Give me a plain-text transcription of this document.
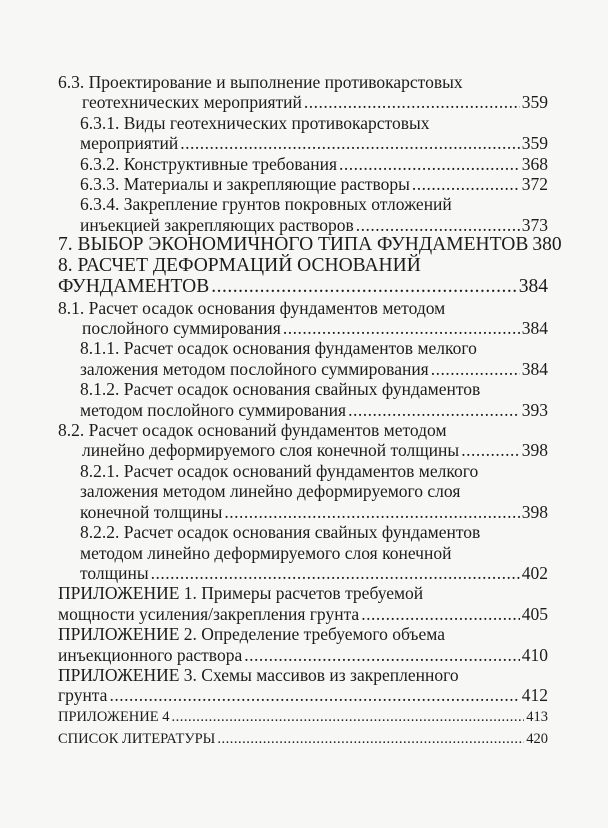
6.3. Проектирование и выполнение противокарстовых
геотехнических мероприятий .....	359
6.3.1. Виды геотехнических противокарстовых
мероприятий .....	359
6.3.2. Конструктивные требования .....	368
6.3.3. Материалы и закрепляющие растворы .....	372
6.3.4. Закрепление грунтов покровных отложений
инъекцией закрепляющих растворов .....	373
7. ВЫБОР ЭКОНОМИЧНОГО ТИПА ФУНДАМЕНТОВ 380
8. РАСЧЕТ ДЕФОРМАЦИЙ ОСНОВАНИЙ
ФУНДАМЕНТОВ .....	384
8.1. Расчет осадок основания фундаментов методом
послойного суммирования .....	384
8.1.1. Расчет осадок основания фундаментов мелкого
заложения методом послойного суммирования .....	384
8.1.2. Расчет осадок основания свайных фундаментов
методом послойного суммирования .....	393
8.2. Расчет осадок оснований фундаментов методом
линейно деформируемого слоя конечной толщины .....	398
8.2.1. Расчет осадок оснований фундаментов мелкого
заложения методом линейно деформируемого слоя
конечной толщины .....	398
8.2.2. Расчет осадок основания свайных фундаментов
методом линейно деформируемого слоя конечной
толщины .....	402
ПРИЛОЖЕНИЕ 1. Примеры расчетов требуемой
мощности усиления/закрепления грунта .....	405
ПРИЛОЖЕНИЕ 2. Определение требуемого объема
инъекционного раствора .....	410
ПРИЛОЖЕНИЕ 3. Схемы массивов из закрепленного
грунта .....	412
ПРИЛОЖЕНИЕ 4 .....	413
СПИСОК ЛИТЕРАТУРЫ .....	420
